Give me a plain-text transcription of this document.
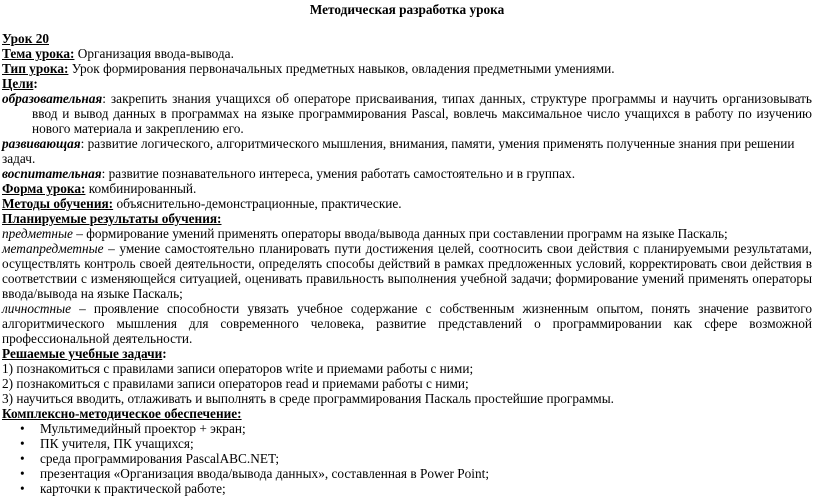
Методическая разработка урока

Урок 20

Тема урока: Организация ввода-вывода.

Тип урока: Урок формирования первоначальных предметных навыков, овладения предметными умениями.

Цели:

образовательная: закрепить знания учащихся об операторе присваивания, типах данных, структуре программы и научить организовывать ввод и вывод данных в программах на языке программирования Pascal, вовлечь максимальное число учащихся в работу по изучению нового материала и закреплению его.

развивающая: развитие логического, алгоритмического мышления, внимания, памяти, умения применять полученные знания при решении задач.

воспитательная: развитие познавательного интереса, умения работать самостоятельно и в группах.

Форма урока: комбинированный.

Методы обучения: объяснительно-демонстрационные, практические.

Планируемые результаты обучения:

предметные – формирование умений применять операторы ввода/вывода данных при составлении программ на языке Паскаль;

метапредметные – умение самостоятельно планировать пути достижения целей, соотносить свои действия с планируемыми результатами, осуществлять контроль своей деятельности, определять способы действий в рамках предложенных условий, корректировать свои действия в соответствии с изменяющейся ситуацией, оценивать правильность выполнения учебной задачи; формирование умений применять операторы ввода/вывода на языке Паскаль;

личностные – проявление способности увязать учебное содержание с собственным жизненным опытом, понять значение развитого алгоритмического мышления для современного человека, развитие представлений о программировании как сфере возможной профессиональной деятельности.

Решаемые учебные задачи:

1) познакомиться с правилами записи операторов write и приемами работы с ними;

2) познакомиться с правилами записи операторов read и приемами работы с ними;

3) научиться вводить, отлаживать и выполнять в среде программирования Паскаль простейшие программы.

Комплексно-методическое обеспечение:

• Мультимедийный проектор + экран;
• ПК учителя, ПК учащихся;
• среда программирования PascalABC.NET;
• презентация «Организация ввода/вывода данных», составленная в Power Point;
• карточки к практической работе;
